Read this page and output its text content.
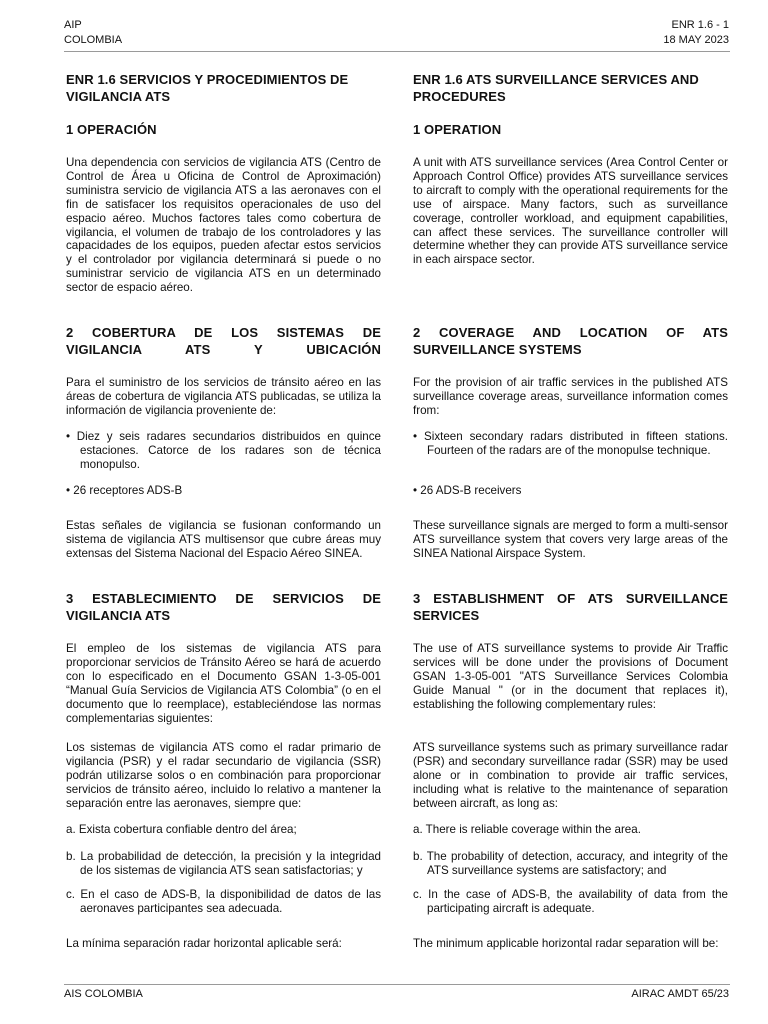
AIP
COLOMBIA
ENR 1.6 - 1
18 MAY 2023
ENR 1.6 SERVICIOS Y PROCEDIMIENTOS DE VIGILANCIA ATS
1 OPERACIÓN
Una dependencia con servicios de vigilancia ATS (Centro de Control de Área u Oficina de Control de Aproximación) suministra servicio de vigilancia ATS a las aeronaves con el fin de satisfacer los requisitos operacionales de uso del espacio aéreo. Muchos factores tales como cobertura de vigilancia, el volumen de trabajo de los controladores y las capacidades de los equipos, pueden afectar estos servicios y el controlador por vigilancia determinará si puede o no suministrar servicio de vigilancia ATS en un determinado sector de espacio aéreo.
2 COBERTURA DE LOS SISTEMAS DE VIGILANCIA ATS Y UBICACIÓN
Para el suministro de los servicios de tránsito aéreo en las áreas de cobertura de vigilancia ATS publicadas, se utiliza la información de vigilancia proveniente de:
• Diez y seis radares secundarios distribuidos en quince estaciones. Catorce de los radares son de técnica monopulso.
• 26 receptores ADS-B
Estas señales de vigilancia se fusionan conformando un sistema de vigilancia ATS multisensor que cubre áreas muy extensas del Sistema Nacional del Espacio Aéreo SINEA.
3 ESTABLECIMIENTO DE SERVICIOS DE VIGILANCIA ATS
El empleo de los sistemas de vigilancia ATS para proporcionar servicios de Tránsito Aéreo se hará de acuerdo con lo especificado en el Documento GSAN 1-3-05-001 “Manual Guía Servicios de Vigilancia ATS Colombia” (o en el documento que lo reemplace), estableciéndose las normas complementarias siguientes:
Los sistemas de vigilancia ATS como el radar primario de vigilancia (PSR) y el radar secundario de vigilancia (SSR) podrán utilizarse solos o en combinación para proporcionar servicios de tránsito aéreo, incluido lo relativo a mantener la separación entre las aeronaves, siempre que:
a. Exista cobertura confiable dentro del área;
b. La probabilidad de detección, la precisión y la integridad de los sistemas de vigilancia ATS sean satisfactorias; y
c. En el caso de ADS-B, la disponibilidad de datos de las aeronaves participantes sea adecuada.
La mínima separación radar horizontal aplicable será:
ENR 1.6 ATS SURVEILLANCE SERVICES AND PROCEDURES
1 OPERATION
A unit with ATS surveillance services (Area Control Center or Approach Control Office) provides ATS surveillance services to aircraft to comply with the operational requirements for the use of airspace. Many factors, such as surveillance coverage, controller workload, and equipment capabilities, can affect these services. The surveillance controller will determine whether they can provide ATS surveillance service in each airspace sector.
2 COVERAGE AND LOCATION OF ATS SURVEILLANCE SYSTEMS
For the provision of air traffic services in the published ATS surveillance coverage areas, surveillance information comes from:
• Sixteen secondary radars distributed in fifteen stations. Fourteen of the radars are of the monopulse technique.
• 26 ADS-B receivers
These surveillance signals are merged to form a multi-sensor ATS surveillance system that covers very large areas of the SINEA National Airspace System.
3 ESTABLISHMENT OF ATS SURVEILLANCE SERVICES
The use of ATS surveillance systems to provide Air Traffic services will be done under the provisions of Document GSAN 1-3-05-001 "ATS Surveillance Services Colombia Guide Manual " (or in the document that replaces it), establishing the following complementary rules:
ATS surveillance systems such as primary surveillance radar (PSR) and secondary surveillance radar (SSR) may be used alone or in combination to provide air traffic services, including what is relative to the maintenance of separation between aircraft, as long as:
a. There is reliable coverage within the area.
b. The probability of detection, accuracy, and integrity of the ATS surveillance systems are satisfactory; and
c. In the case of ADS-B, the availability of data from the participating aircraft is adequate.
The minimum applicable horizontal radar separation will be:
AIS COLOMBIA	AIRAC AMDT 65/23
